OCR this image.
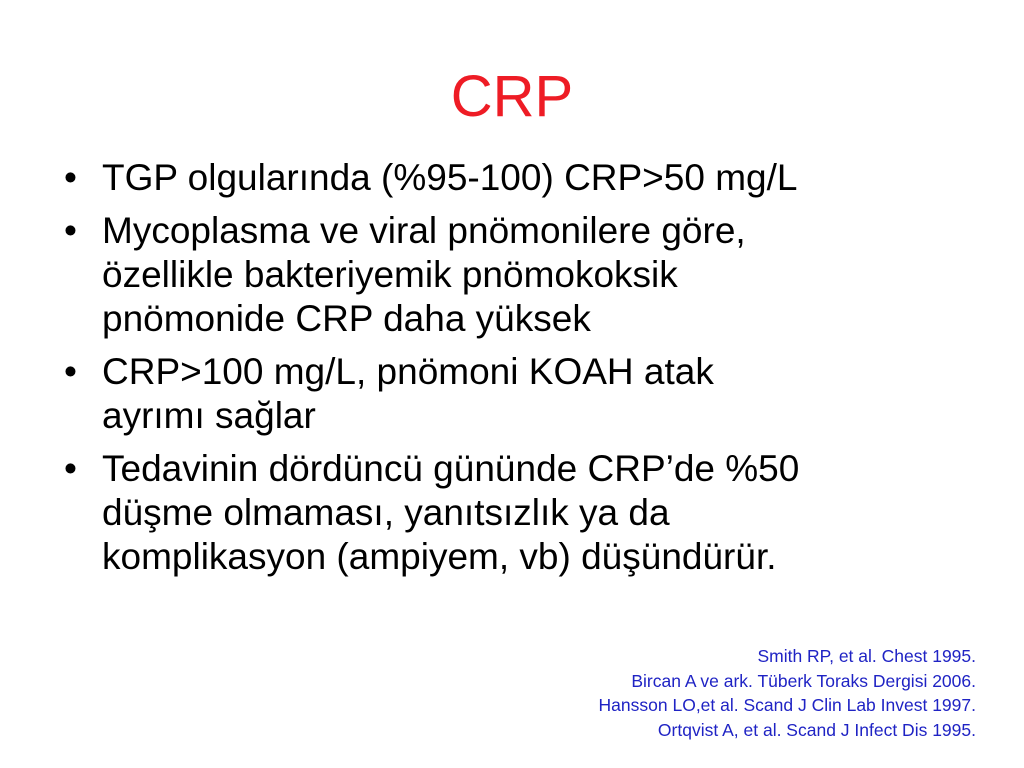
CRP
• TGP olgularında (%95-100) CRP>50 mg/L
• Mycoplasma ve viral pnömonilere göre,
özellikle bakteriyemik pnömokoksik
pnömonide CRP daha yüksek
• CRP>100 mg/L, pnömoni KOAH atak
ayrımı sağlar
• Tedavinin dördüncü gününde CRP’de %50
düşme olmaması, yanıtsızlık ya da
komplikasyon (ampiyem, vb) düşündürür.
Smith RP, et al. Chest 1995.
Bircan A ve ark. Tüberk Toraks Dergisi 2006.
Hansson LO,et al. Scand J Clin Lab Invest 1997.
Ortqvist A, et al. Scand J Infect Dis 1995.
